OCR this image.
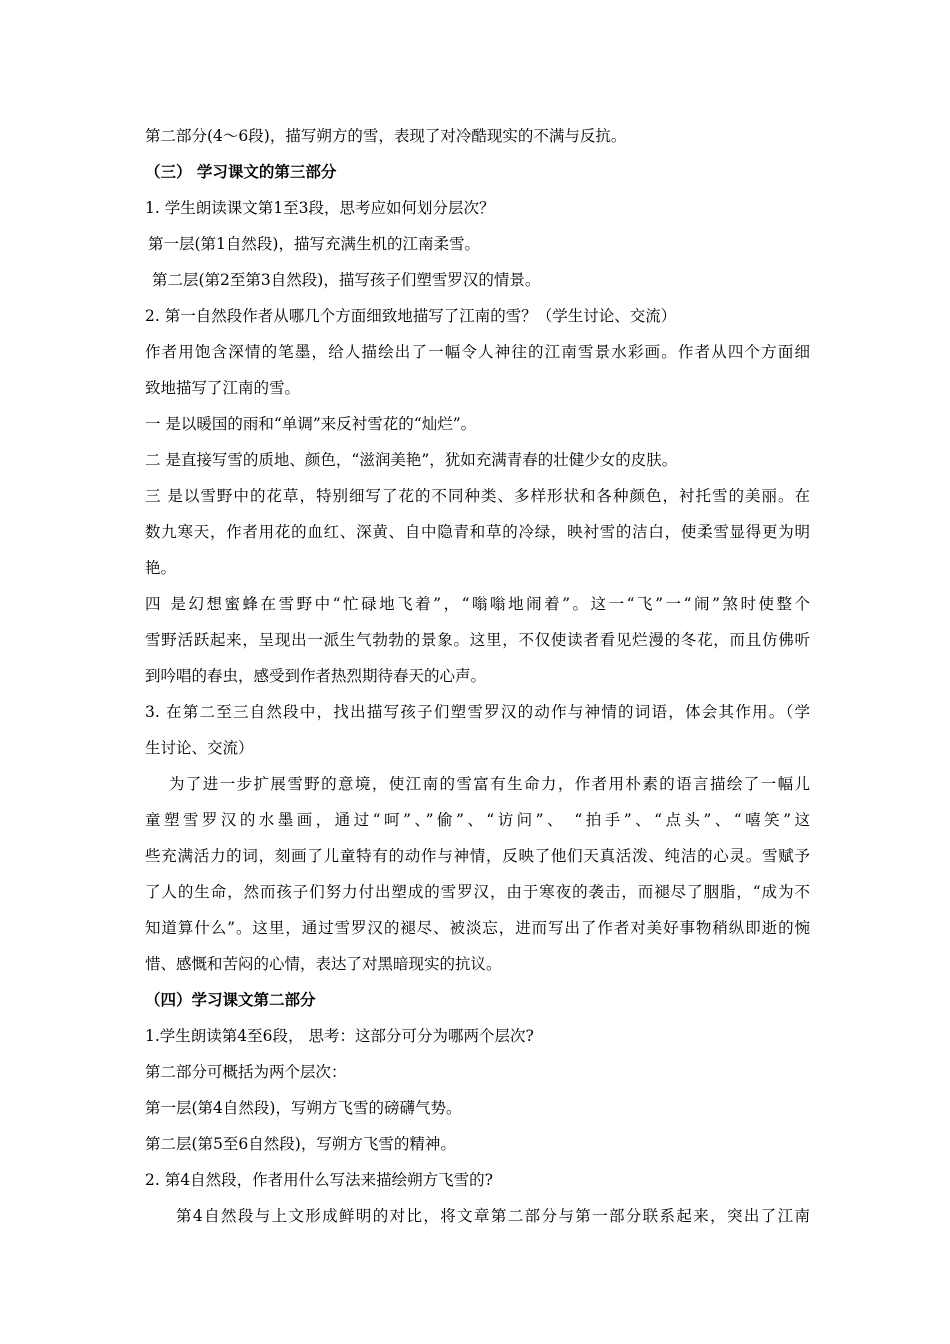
第二部分(4～6段)，描写朔方的雪，表现了对冷酷现实的不满与反抗。
（三） 学习课文的第三部分
1. 学生朗读课文第1至3段，思考应如何划分层次？
第一层(第1自然段)，描写充满生机的江南柔雪。
第二层(第2至第3自然段)，描写孩子们塑雪罗汉的情景。
2. 第一自然段作者从哪几个方面细致地描写了江南的雪？（学生讨论、交流）
作者用饱含深情的笔墨，给人描绘出了一幅令人神往的江南雪景水彩画。作者从四个方面细
致地描写了江南的雪。
一 是以暖国的雨和“单调”来反衬雪花的“灿烂”。
二 是直接写雪的质地、颜色，“滋润美艳”，犹如充满青春的壮健少女的皮肤。
三 是以雪野中的花草，特别细写了花的不同种类、多样形状和各种颜色，衬托雪的美丽。在
数九寒天，作者用花的血红、深黄、自中隐青和草的冷绿，映衬雪的洁白，使柔雪显得更为明
艳。
四 是幻想蜜蜂在雪野中“忙碌地飞着”，“嗡嗡地闹着”。这一“飞”一“闹”煞时使整个
雪野活跃起来，呈现出一派生气勃勃的景象。这里，不仅使读者看见烂漫的冬花，而且仿佛听
到吟唱的春虫，感受到作者热烈期待春天的心声。
3. 在第二至三自然段中，找出描写孩子们塑雪罗汉的动作与神情的词语，体会其作用。（学
生讨论、交流）
为了进一步扩展雪野的意境，使江南的雪富有生命力，作者用朴素的语言描绘了一幅儿
童塑雪罗汉的水墨画，通过“呵”、”偷”、“访问”、 “拍手”、“点头”、“嘻笑”这
些充满活力的词，刻画了儿童特有的动作与神情，反映了他们天真活泼、纯洁的心灵。雪赋予
了人的生命，然而孩子们努力付出塑成的雪罗汉，由于寒夜的袭击，而褪尽了胭脂，“成为不
知道算什么”。这里，通过雪罗汉的褪尽、被淡忘，进而写出了作者对美好事物稍纵即逝的惋
惜、感慨和苦闷的心情，表达了对黑暗现实的抗议。
（四）学习课文第二部分
1.学生朗读第4至6段， 思考：这部分可分为哪两个层次?
第二部分可概括为两个层次：
第一层(第4自然段)，写朔方飞雪的磅礴气势。
第二层(第5至6自然段)，写朔方飞雪的精神。
2. 第4自然段，作者用什么写法来描绘朔方飞雪的?
第4自然段与上文形成鲜明的对比，将文章第二部分与第一部分联系起来，突出了江南
